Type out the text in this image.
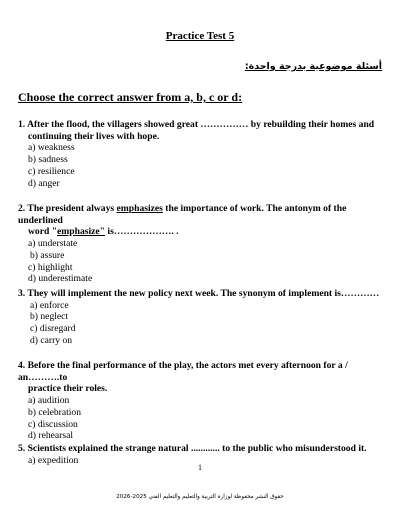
Practice Test 5
أسئلة موضوعية بدرجة واحدة:
Choose the correct answer from a, b, c or d:
1. After the flood, the villagers showed great …………… by rebuilding their homes and
continuing their lives with hope.
a) weakness
b) sadness
c) resilience
d) anger
2. The president always emphasizes the importance of work. The antonym of the underlined
word "emphasize" is………………. .
a) understate
b) assure
c) highlight
d) underestimate
3. They will implement the new policy next week. The synonym of implement is…………
a) enforce
b) neglect
c) disregard
d) carry on
4. Before the final performance of the play, the actors met every afternoon for a / an……….to
practice their roles.
a) audition
b) celebration
c) discussion
d) rehearsal
5. Scientists explained the strange natural ............ to the public who misunderstood it.
a) expedition
1
حقوق النشر محفوظة لوزارة التربية والتعليم والتعليم الفني 2025-2026
